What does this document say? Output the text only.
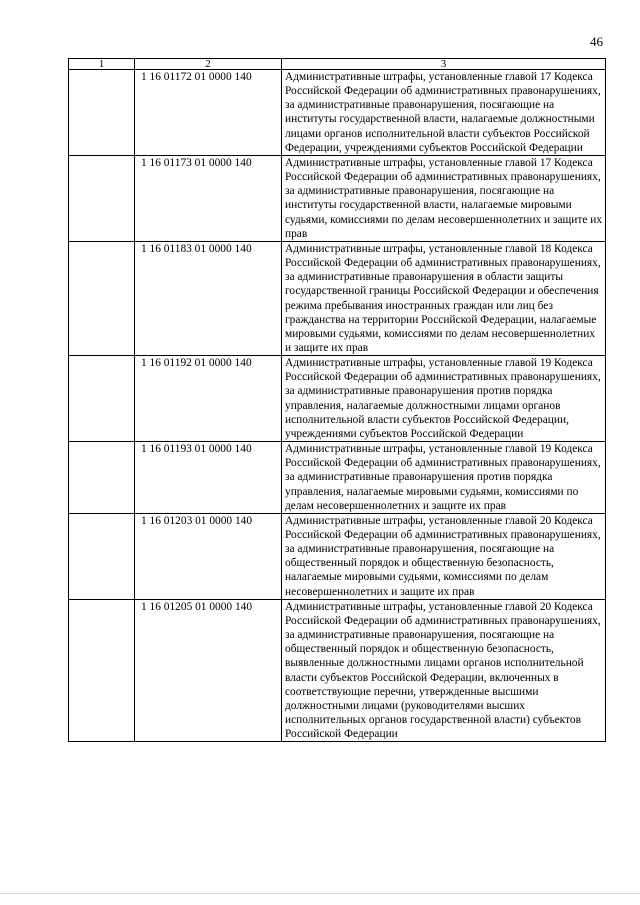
46
1	2	3
	1 16 01172 01 0000 140	Административные штрафы, установленные главой 17 Кодекса Российской Федерации об административных правонарушениях, за административные правонарушения, посягающие на институты государственной власти, налагаемые должностными лицами органов исполнительной власти субъектов Российской Федерации, учреждениями субъектов Российской Федерации
	1 16 01173 01 0000 140	Административные штрафы, установленные главой 17 Кодекса Российской Федерации об административных правонарушениях, за административные правонарушения, посягающие на институты государственной власти, налагаемые мировыми судьями, комиссиями по делам несовершеннолетних и защите их прав
	1 16 01183 01 0000 140	Административные штрафы, установленные главой 18 Кодекса Российской Федерации об административных правонарушениях, за административные правонарушения в области защиты государственной границы Российской Федерации и обеспечения режима пребывания иностранных граждан или лиц без гражданства на территории Российской Федерации, налагаемые мировыми судьями, комиссиями по делам несовершеннолетних и защите их прав
	1 16 01192 01 0000 140	Административные штрафы, установленные главой 19 Кодекса Российской Федерации об административных правонарушениях, за административные правонарушения против порядка управления, налагаемые должностными лицами органов исполнительной власти субъектов Российской Федерации, учреждениями субъектов Российской Федерации
	1 16 01193 01 0000 140	Административные штрафы, установленные главой 19 Кодекса Российской Федерации об административных правонарушениях, за административные правонарушения против порядка управления, налагаемые мировыми судьями, комиссиями по делам несовершеннолетних и защите их прав
	1 16 01203 01 0000 140	Административные штрафы, установленные главой 20 Кодекса Российской Федерации об административных правонарушениях, за административные правонарушения, посягающие на общественный порядок и общественную безопасность, налагаемые мировыми судьями, комиссиями по делам несовершеннолетних и защите их прав
	1 16 01205 01 0000 140	Административные штрафы, установленные главой 20 Кодекса Российской Федерации об административных правонарушениях, за административные правонарушения, посягающие на общественный порядок и общественную безопасность, выявленные должностными лицами органов исполнительной власти субъектов Российской Федерации, включенных в соответствующие перечни, утвержденные высшими должностными лицами (руководителями высших исполнительных органов государственной власти) субъектов Российской Федерации
